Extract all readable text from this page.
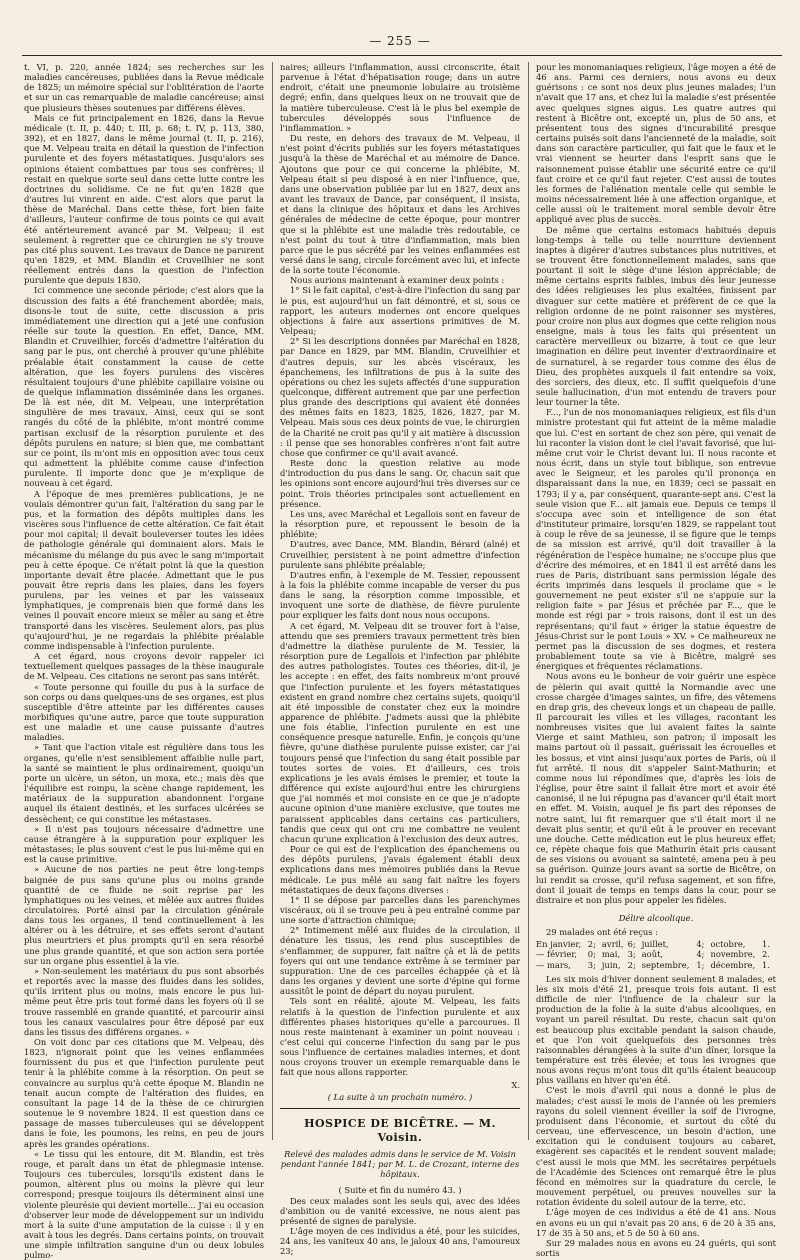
— 255 —

t. VI, p. 220, année 1824; ses recherches sur les maladies cancéreuses, publiées dans la Revue médicale de 1825; un mémoire spécial sur l'oblitération de l'aorte et sur un cas remarquable de maladie cancéreuse; ainsi que plusieurs thèses soutenues par différens élèves.

Mais ce fut principalement en 1826, dans la Revue médicale (t. II, p. 440; t. III, p. 68; t. IV, p. 113, 380, 392), et en 1827, dans le même journal (t. II, p. 216), que M. Velpeau traita en détail la question de l'infection purulente et des foyers métastatiques. Jusqu'alors ses opinions étaient combattues par tous ses confrères; il restait en quelque sorte seul dans cette lutte contre les doctrines du solidisme. Ce ne fut qu'en 1828 que d'autres lui vinrent en aide. C'est alors que parut la thèse de Maréchal. Dans cette thèse, fort bien faite d'ailleurs, l'auteur confirme de tous points ce qui avait été antérieurement avancé par M. Velpeau; il est seulement à regretter que ce chirurgien ne s'y trouve pas cité plus souvent. Les travaux de Dance ne parurent qu'en 1829, et MM. Blandin et Cruveilhier ne sont réellement entrés dans la question de l'infection purulente que depuis 1830.

Ici commence une seconde période; c'est alors que la discussion des faits a été franchement abordée; mais, disons-le tout de suite, cette discussion a pris immédiatement une direction qui a jeté une confusion réelle sur toute la question. En effet, Dance, MM. Blandin et Cruveilhier, forcés d'admettre l'altération du sang par le pus, ont cherché à prouver qu'une phlébite préalable était constamment la cause de cette altération, que les foyers purulens des viscères résultaient toujours d'une phlébite capillaire voisine ou de quelque inflammation disséminée dans les organes. De là est née, dit M. Velpeau, une interprétation singulière de mes travaux. Ainsi, ceux qui se sont rangés du côté de la phlébite, m'ont montré comme partisan exclusif de la résorption purulente et des dépôts purulens en nature; si bien que, me combattant sur ce point, ils m'ont mis en opposition avec tous ceux qui admettent la phlébite comme cause d'infection purulente. Il importe donc que je m'explique de nouveau à cet égard.

A l'époque de mes premières publications, je ne voulais démontrer qu'un fait, l'altération du sang par le pus, et la formation des dépôts multiples dans les viscères sous l'influence de cette altération. Ce fait était pour moi capital; il devait bouleverser toutes les idées de pathologie générale qui dominaient alors. Mais le mécanisme du mélange du pus avec le sang m'importait peu à cette époque. Ce n'était point là que la question importante devait être placée. Admettant que le pus pouvait être repris dans les plaies, dans les foyers purulens, par les veines et par les vaisseaux lymphatiques, je comprenais bien que formé dans les veines il pouvait encore mieux se mêler au sang et être transporté dans les viscères. Seulement alors, pas plus qu'aujourd'hui, je ne regardais la phlébite préalable comme indispensable à l'infection purulente.

A cet égard, nous croyons devoir rappeler ici textuellement quelques passages de la thèse inaugurale de M. Velpeau. Ces citations ne seront pas sans intérêt.

« Toute personne qui fouille du pus à la surface de son corps ou dans quelques-uns de ses organes, est plus susceptible d'être atteinte par les différentes causes morbifiques qu'une autre, parce que toute suppuration est une maladie et une cause puissante d'autres maladies.

» Tant que l'action vitale est régulière dans tous les organes, qu'elle n'est sensiblement affaiblie nulle part, la santé se maintient le plus ordinairement, quoiqu'un porte un ulcère, un séton, un moxa, etc.; mais dès que l'équilibre est rompu, la scène change rapidement, les matériaux de la suppuration abandonnent l'organe auquel ils étaient destinés, et les surfaces ulcérées se dessèchent; ce qui constitue les métastases.

» Il n'est pas toujours nécessaire d'admettre une cause étrangère à la suppuration pour expliquer les métastases; le plus souvent c'est le pus lui-même qui en est la cause primitive.

» Aucune de nos parties ne peut être long-temps baignée de pus sans qu'une plus ou moins grande quantité de ce fluide ne soit reprise par les lymphatiques ou les veines, et mêlée aux autres fluides circulatoires. Porté ainsi par la circulation générale dans tous les organes, il tend continuellement à les altérer ou à les détruire, et ses effets seront d'autant plus meurtriers et plus prompts qu'il en sera résorbé une plus grande quantité, et que son action sera portée sur un organe plus essentiel à la vie.

» Non-seulement les matériaux du pus sont absorbés et reportés avec la masse des fluides dans les solides, qu'ils irritent plus ou moins, mais encore le pus lui-même peut être pris tout formé dans les foyers où il se trouve rassemblé en grande quantité, et parcourir ainsi tous les canaux vasculaires pour être déposé par eux dans les tissus des différens organes. »

On voit donc par ces citations que M. Velpeau, dès 1823, n'ignorait point que les veines enflammées fournissent du pus et que l'infection purulente peut tenir à la phlébite comme à la résorption. On peut se convaincre au surplus qu'à cette époque M. Blandin ne tenait aucun compte de l'altération des fluides, en consultant la page 14 de la thèse de ce chirurgien soutenue le 9 novembre 1824. Il est question dans ce passage de masses tuberculeuses qui se développent dans le foie, les poumons, les reins, en peu de jours après les grandes opérations.

« Le tissu qui les entoure, dit M. Blandin, est très rouge, et paraît dans un état de phlegmasie intense. Toujours ces tubercules, lorsqu'ils existent dans le poumon, altèrent plus ou moins la plèvre qui leur correspond; presque toujours ils déterminent ainsi une violente pleurésie qui devient mortelle... J'ai eu occasion d'observer leur mode de développement sur un individu mort à la suite d'une amputation de la cuisse : il y en avait à tous les degrés. Dans certains points, on trouvait une simple infiltration sanguine d'un ou deux lobules pulmo-

naires; ailleurs l'inflammation, aussi circonscrite, était parvenue à l'état d'hépatisation rouge; dans un autre endroit, c'était une pneumonie lobulaire au troisième degré; enfin, dans quelques lieux on ne trouvait que de la matière tuberculeuse. C'est là le plus bel exemple de tubercules développés sous l'influence de l'inflammation. »

Du reste, en dehors des travaux de M. Velpeau, il n'est point d'écrits publiés sur les foyers métastatiques jusqu'à la thèse de Maréchal et au mémoire de Dance. Ajoutons que pour ce qui concerne la phlébite, M. Velpeau était si peu disposé à en nier l'influence, que, dans une observation publiée par lui en 1827, deux ans avant les travaux de Dance, par conséquent, il insista, et dans la clinique des hôpitaux et dans les Archives générales de médecine de cette époque, pour montrer que si la phlébite est une maladie très redoutable, ce n'est point du tout à titre d'inflammation, mais bien parce que le pus sécrété par les veines enflammées est versé dans le sang, circule forcément avec lui, et infecte de la sorte toute l'économie.

Nous aurions maintenant à examiner deux points :

1° Si le fait capital, c'est-à-dire l'infection du sang par le pus, est aujourd'hui un fait démontré, et si, sous ce rapport, les auteurs modernes ont encore quelques objections à faire aux assertions primitives de M. Velpeau;

2° Si les descriptions données par Maréchal en 1828, par Dance en 1829, par MM. Blandin, Cruveilhier et d'autres depuis, sur les abcès viscéraux, les épanchemens, les infiltrations de pus à la suite des opérations ou chez les sujets affectés d'une suppuration quelconque, diffèrent autrement que par une perfection plus grande des descriptions qui avaient été données des mêmes faits en 1823, 1825, 1826, 1827, par M. Velpeau. Mais sous ces deux points de vue, le chirurgien de la Charité ne croit pas qu'il y ait matière à discussion : il pense que ses honorables confrères n'ont fait autre chose que confirmer ce qu'il avait avancé.

Reste donc la question relative au mode d'introduction du pus dans le sang. Or, chacun sait que les opinions sont encore aujourd'hui très diverses sur ce point. Trois théories principales sont actuellement en présence.

Les uns, avec Maréchal et Legallois sont en faveur de la résorption pure, et repoussent le besoin de la phlébite;

D'autres, avec Dance, MM. Blandin, Bérard (aîné) et Cruveilhier, persistent à ne point admettre d'infection purulente sans phlébite préalable;

D'autres enfin, à l'exemple de M. Tessier, repoussent à la fois la phlébite comme incapable de verser du pus dans le sang, la résorption comme impossible, et invoquent une sorte de diathèse, de fièvre purulente pour expliquer les faits dont nous nous occupons.

A cet égard, M. Velpeau dit se trouver fort à l'aise, attendu que ses premiers travaux permettent très bien d'admettre la diathèse purulente de M. Tessier, la résorption pure de Legallois et l'infection par phlébite des autres pathologistes. Toutes ces théories, dit-il, je les accepte : en effet, des faits nombreux m'ont prouvé que l'infection purulente et les foyers métastatiques existent en grand nombre chez certains sujets, quoiqu'il ait été impossible de constater chez eux la moindre apparence de phlébite. J'admets aussi que la phlébite une fois établie, l'infection purulente en est une conséquence presque naturelle. Enfin, je conçois qu'une fièvre, qu'une diathèse purulente puisse exister, car j'ai toujours pensé que l'infection du sang était possible par toutes sortes de voies. Et d'ailleurs, ces trois explications je les avais émises le premier, et toute la différence qui existe aujourd'hui entre les chirurgiens que j'ai nommés et moi consiste en ce que je n'adopte aucune opinion d'une manière exclusive, que toutes me paraissent applicables dans certains cas particuliers, tandis que ceux qui ont cru me combattre ne veulent chacun qu'une explication à l'exclusion des deux autres.

Pour ce qui est de l'explication des épanchemens ou des dépôts purulens, j'avais également établi deux explications dans mes mémoires publiés dans la Revue médicale. Le pus mêlé au sang fait naître les foyers métastatiques de deux façons diverses :

1° Il se dépose par parcelles dans les parenchymes viscéraux, où il se trouve peu à peu entraîné comme par une sorte d'attraction chimique;

2° Intimement mêlé aux fluides de la circulation, il dénature les tissus, les rend plus susceptibles de s'enflammer, de suppurer, fait naître çà et là de petits foyers qui ont une tendance extrême à se terminer par suppuration. Une de ces parcelles échappée çà et là dans les organes y devient une sorte d'épine qui forme aussitôt le point de départ du noyau purulent.

Tels sont en réalité, ajoute M. Velpeau, les faits relatifs à la question de l'infection purulente et aux différentes phases historiques qu'elle a parcourues. Il nous reste maintenant à examiner un point nouveau : c'est celui qui concerne l'infection du sang par le pus sous l'influence de certaines maladies internes, et dont nous croyons trouver un exemple remarquable dans le fait que nous allons rapporter.

X.
( La suite à un prochain numéro. )
HOSPICE DE BICÊTRE. — M. Voisin.
Relevé des malades admis dans le service de M. Voisin pendant l'année 1841; par M. L. de Crozant, interne des hôpitaux.
( Suite et fin du numéro 43. )

Des ceux malades sont les seuls qui, avec des idées d'ambition ou de vanité excessive, ne nous aient pas présenté de signes de paralysie.

L'âge moyen de ces individus a été, pour les suicides, 24 ans, les vaniteux 40 ans, le jaloux 40 ans, l'amoureux 23;

pour les monomaniaques religieux, l'âge moyen a été de 46 ans. Parmi ces derniers, nous avons eu deux guérisons : ce sont nos deux plus jeunes malades; l'un n'avait que 17 ans, et chez lui la maladie s'est présentée avec quelques signes aigus. Les quatre autres qui restent à Bicêtre ont, excepté un, plus de 50 ans, et présentent tous des signes d'incurabilité presque certains puisés soit dans l'ancienneté de la maladie, soit dans son caractère particulier, qui fait que le faux et le vrai viennent se heurter dans l'esprit sans que le raisonnement puisse établir une sécurité entre ce qu'il faut croire et ce qu'il faut rejeter. C'est aussi de toutes les formes de l'aliénation mentale celle qui semble le moins nécessairement liée à une affection organique, et celle aussi où le traitement moral semble devoir être appliqué avec plus de succès.

De même que certains estomacs habitués depuis long-temps à telle ou telle nourriture deviennent inaptes à digérer d'autres substances plus nutritives, et se trouvent être fonctionnellement malades, sans que pourtant il soit le siège d'une lésion appréciable; de même certains esprits faibles, imbus dès leur jeunesse des idées religieuses les plus exaltées, finissent par divaguer sur cette matière et préfèrent de ce que la religion ordonne de ne point raisonner ses mystères, pour croire non plus aux dogmes que cette religion nous enseigne, mais à tous les faits qui présentent un caractère merveilleux ou bizarre, à tout ce que leur imagination en délire peut inventer d'extraordinaire et de surnaturel, à se regarder tous comme des élus de Dieu, des prophètes auxquels il fait entendre sa voix, des sorciers, des dieux, etc. Il suffit quelquefois d'une seule hallucination, d'un mot entendu de travers pour leur tourner la tête.

F..., l'un de nos monomaniaques religieux, est fils d'un ministre protestant qui fut atteint de la même maladie que lui. C'est en sortant de chez son père, qui venait de lui raconter la vision dont le ciel l'avait favorisé, que lui-même crut voir le Christ devant lui. Il nous raconte et nous écrit, dans un style tout biblique, son entrevue avec le Seigneur, et les paroles qu'il prononça en disparaissant dans la nue, en 1839; ceci se passait en 1793; il y a, par conséquent, quarante-sept ans. C'est la seule vision que F... ait jamais eue. Depuis ce temps il s'occupa avec soin et intelligence de son état d'instituteur primaire, lorsqu'en 1829, se rappelant tout à coup le rêve de sa jeunesse, il se figure que le temps de sa mission est arrivé, qu'il doit travailler à la régénération de l'espèce humaine; ne s'occupe plus que d'écrire des mémoires, et en 1841 il est arrêté dans les rues de Paris, distribuant sans permission légale des écrits imprimés dans lesquels il proclame que « le gouvernement ne peut exister s'il ne s'appuie sur la religion faite » par Jésus et prêchée par F..., que le monde est régi par » trois raisons, dont il est un des représentans; qu'il faut » ériger la statue équestre de Jésus-Christ sur le pont Louis » XV. » Ce malheureux ne permet pas la discussion de ses dogmes, et restera probablement toute sa vie à Bicêtre, malgré ses énergiques et fréquentes réclamations.

Nous avons eu le bonheur de voir guérir une espèce de pèlerin qui avait quitté la Normandie avec une crosse chargée d'images saintes, un fifre, des vêtemens en drap gris, des cheveux longs et un chapeau de paille. Il parcourait les villes et les villages, racontant les nombreuses visites que lui avaient faites la sainte Vierge et saint Mathieu, son patron; il imposait les mains partout où il passait, guérissait les écrouelles et les bossus, et vint ainsi jusqu'aux portes de Paris, où il fut arrêté. Il nous dit s'appeler Saint-Mathurin; et comme nous lui répondîmes que, d'après les lois de l'église, pour être saint il fallait être mort et avoir été canonisé, il ne lui répugna pas d'avancer qu'il était mort en effet. M. Voisin, auquel je fis part des réponses de notre saint, lui fit remarquer que s'il était mort il ne devait plus sentir, et qu'il eût à le prouver en recevant une douche. Cette médication eut le plus heureux effet; ce, répète chaque fois que Mathurin était pris causant de ses visions ou avouant sa sainteté, amena peu à peu sa guérison. Quinze jours avant sa sortie de Bicêtre, on lui rendit sa crosse, qu'il refusa sagement, et son fifre, dont il jouait de temps en temps dans la cour, pour se distraire et non plus pour appeler les fidèles.

Délire alcoolique.

29 malades ont été reçus :

En janvier,	2;	avril,	6;	juillet,	4;	octobre,	1.
— février,	0;	mai,	3;	août,	4;	novembre,	2.
— mars,	3;	juin,	2;	septembre,	1;	décembre,	1.

Les six mois d'hiver donnent seulement 8 malades, et les six mois d'été 21, presque trois fois autant. Il est difficile de nier l'influence de la chaleur sur la production de la folie à la suite d'abus alcooliques, en voyant un pareil résultat. Du reste, chacun sait qu'on est beaucoup plus excitable pendant la saison chaude, et que l'on voit quelquefois des personnes très raisonnables dérangées à la suite d'un dîner, lorsque la température est très élevée; et tous les ivrognes que nous avons reçus m'ont tous dit qu'ils étaient beaucoup plus vaillans en hiver qu'en été.

C'est le mois d'avril qui nous a donné le plus de malades; c'est aussi le mois de l'année où les premiers rayons du soleil viennent éveiller la soif de l'ivrogne, produisent dans l'économie, et surtout du côté du cerveau, une effervescence, un besoin d'action, une excitation qui le conduisent toujours au cabaret, exagèrent ses capacités et le rendent souvent malade; c'est aussi le mois que MM. les secrétaires perpétuels de l'Académie des Sciences ont remarqué être le plus fécond en mémoires sur la quadrature du cercle, le mouvement perpétuel, ou preuves nouvelles sur la rotation évidente du soleil autour de la terre, etc.

L'âge moyen de ces individus a été de 41 ans. Nous en avons eu un qui n'avait pas 20 ans, 6 de 20 à 35 ans, 17 de 35 à 50 ans, et 5 de 50 à 60 ans.

Sur 29 malades nous en avons eu 24 guéris, qui sont sortis
